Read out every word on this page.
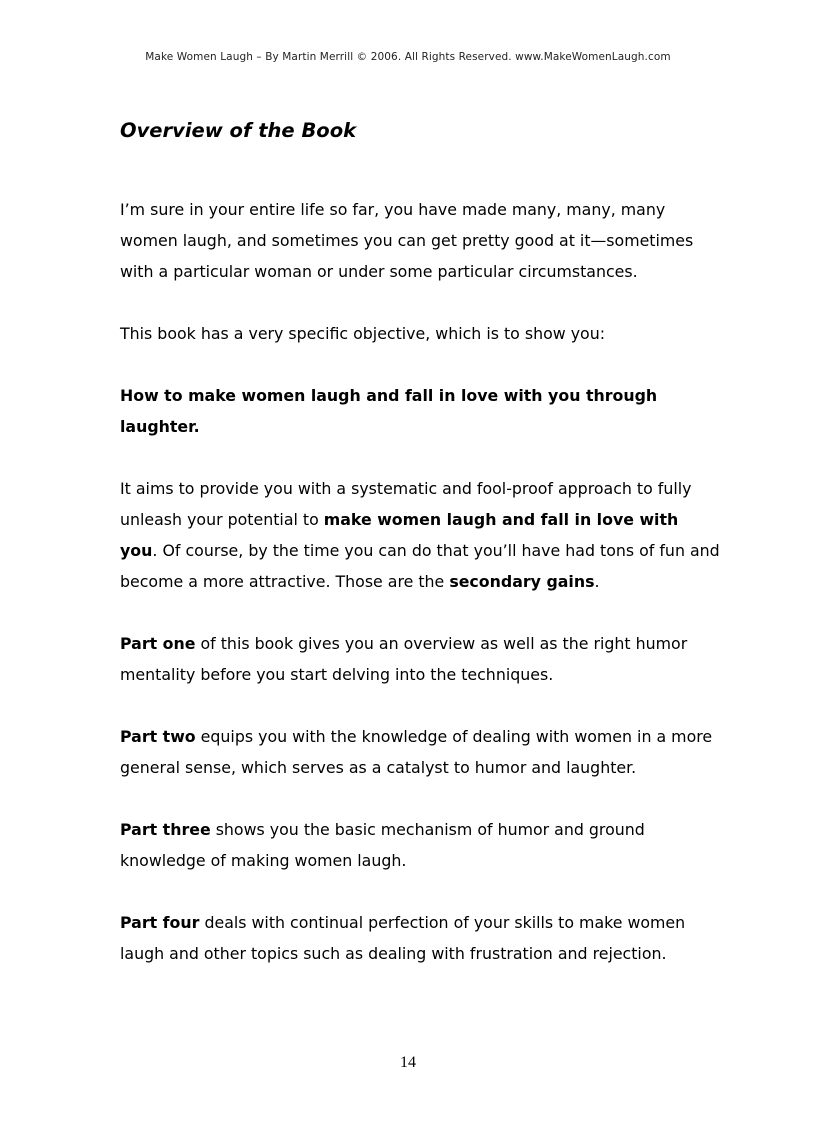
Make Women Laugh – By Martin Merrill © 2006. All Rights Reserved. www.MakeWomenLaugh.com
Overview of the Book

I’m sure in your entire life so far, you have made many, many, many women laugh, and sometimes you can get pretty good at it—sometimes with a particular woman or under some particular circumstances.

This book has a very specific objective, which is to show you:

How to make women laugh and fall in love with you through laughter.

It aims to provide you with a systematic and fool-proof approach to fully unleash your potential to make women laugh and fall in love with you. Of course, by the time you can do that you’ll have had tons of fun and become a more attractive. Those are the secondary gains.

Part one of this book gives you an overview as well as the right humor mentality before you start delving into the techniques.

Part two equips you with the knowledge of dealing with women in a more general sense, which serves as a catalyst to humor and laughter.

Part three shows you the basic mechanism of humor and ground knowledge of making women laugh.

Part four deals with continual perfection of your skills to make women laugh and other topics such as dealing with frustration and rejection.

14
